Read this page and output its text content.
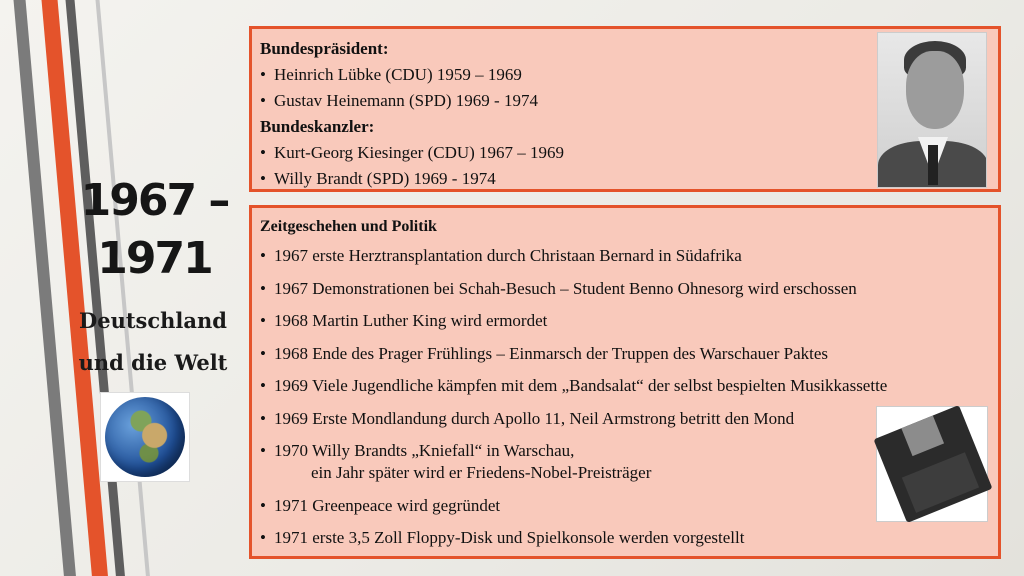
1967 – 1971
Deutschland
und die Welt
Bundespräsident:
•Heinrich Lübke (CDU) 1959 – 1969
•Gustav Heinemann (SPD) 1969 - 1974
Bundeskanzler:
•Kurt-Georg Kiesinger (CDU) 1967 – 1969
•Willy Brandt (SPD) 1969 - 1974
Zeitgeschehen und Politik
•1967 erste Herztransplantation durch Christaan Bernard in Südafrika
•1967 Demonstrationen bei Schah-Besuch – Student Benno Ohnesorg wird erschossen
•1968 Martin Luther King wird ermordet
•1968 Ende des Prager Frühlings – Einmarsch der Truppen des Warschauer Paktes
•1969 Viele Jugendliche kämpfen mit dem „Bandsalat“ der selbst bespielten Musikkassette
•1969 Erste Mondlandung durch Apollo 11, Neil Armstrong betritt den Mond
•1970 Willy Brandts „Kniefall“ in Warschau,
ein Jahr später wird er Friedens-Nobel-Preisträger
•1971 Greenpeace wird gegründet
•1971 erste 3,5 Zoll Floppy-Disk und Spielkonsole werden vorgestellt
